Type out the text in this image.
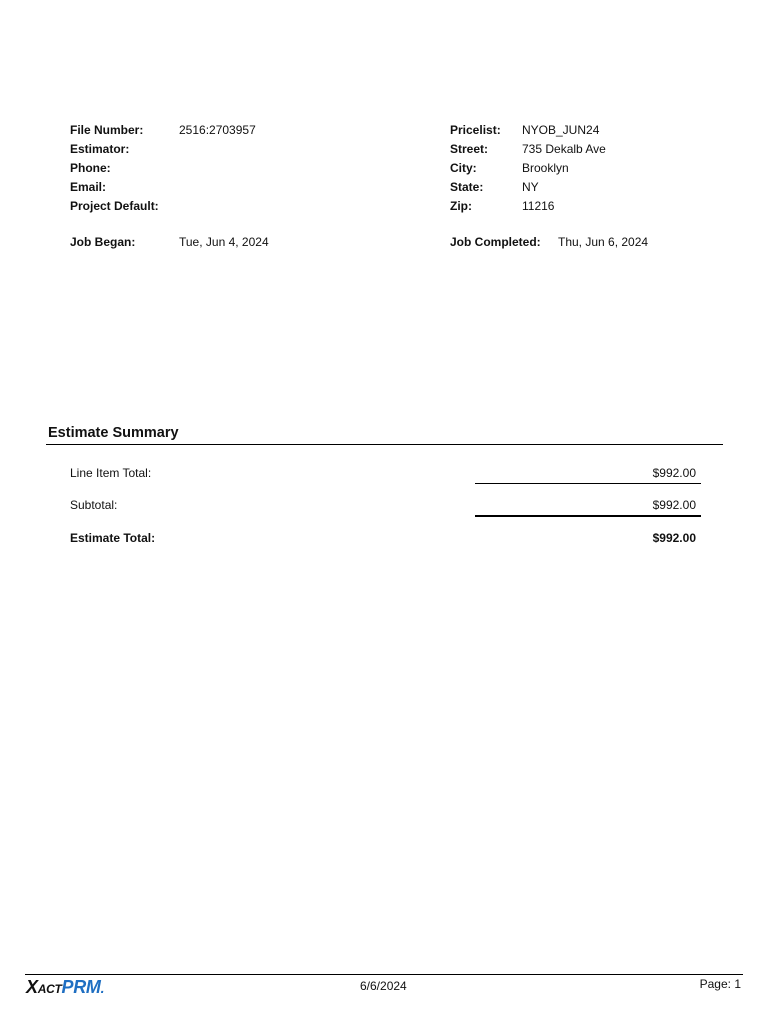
File Number:	2516:2703957
Estimator:
Phone:
Email:
Project Default:
Pricelist: NYOB_JUN24
Street:	735 Dekalb Ave
City:	Brooklyn
State:	NY
Zip:	11216
Job Began:	Tue, Jun 4, 2024	Job Completed: Thu, Jun 6, 2024
Estimate Summary
Line Item Total:	$992.00
Subtotal:	$992.00
Estimate Total:	$992.00
XACTPRM.	6/6/2024	Page: 1
